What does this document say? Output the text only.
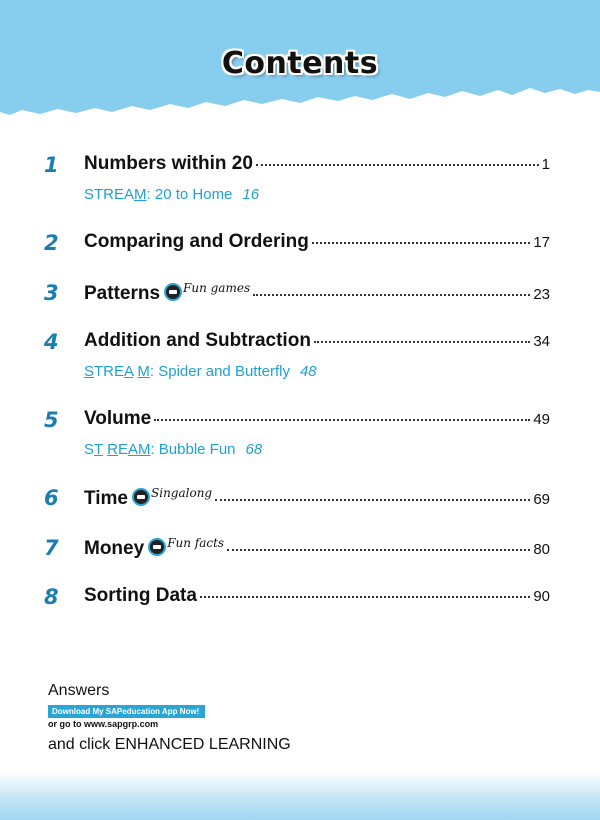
Contents
1	Numbers within 20	1
STREAM: 20 to Home 16
2	Comparing and Ordering	17
3	Patterns Fun games	23
4	Addition and Subtraction	34
STREA M: Spider and Butterfly 48
5	Volume	49
ST REAM: Bubble Fun 68
6	Time Singalong	69
7	Money Fun facts	80
8	Sorting Data	90
Answers
Download My SAPeducation App Now!
or go to www.sapgrp.com
and click ENHANCED LEARNING
